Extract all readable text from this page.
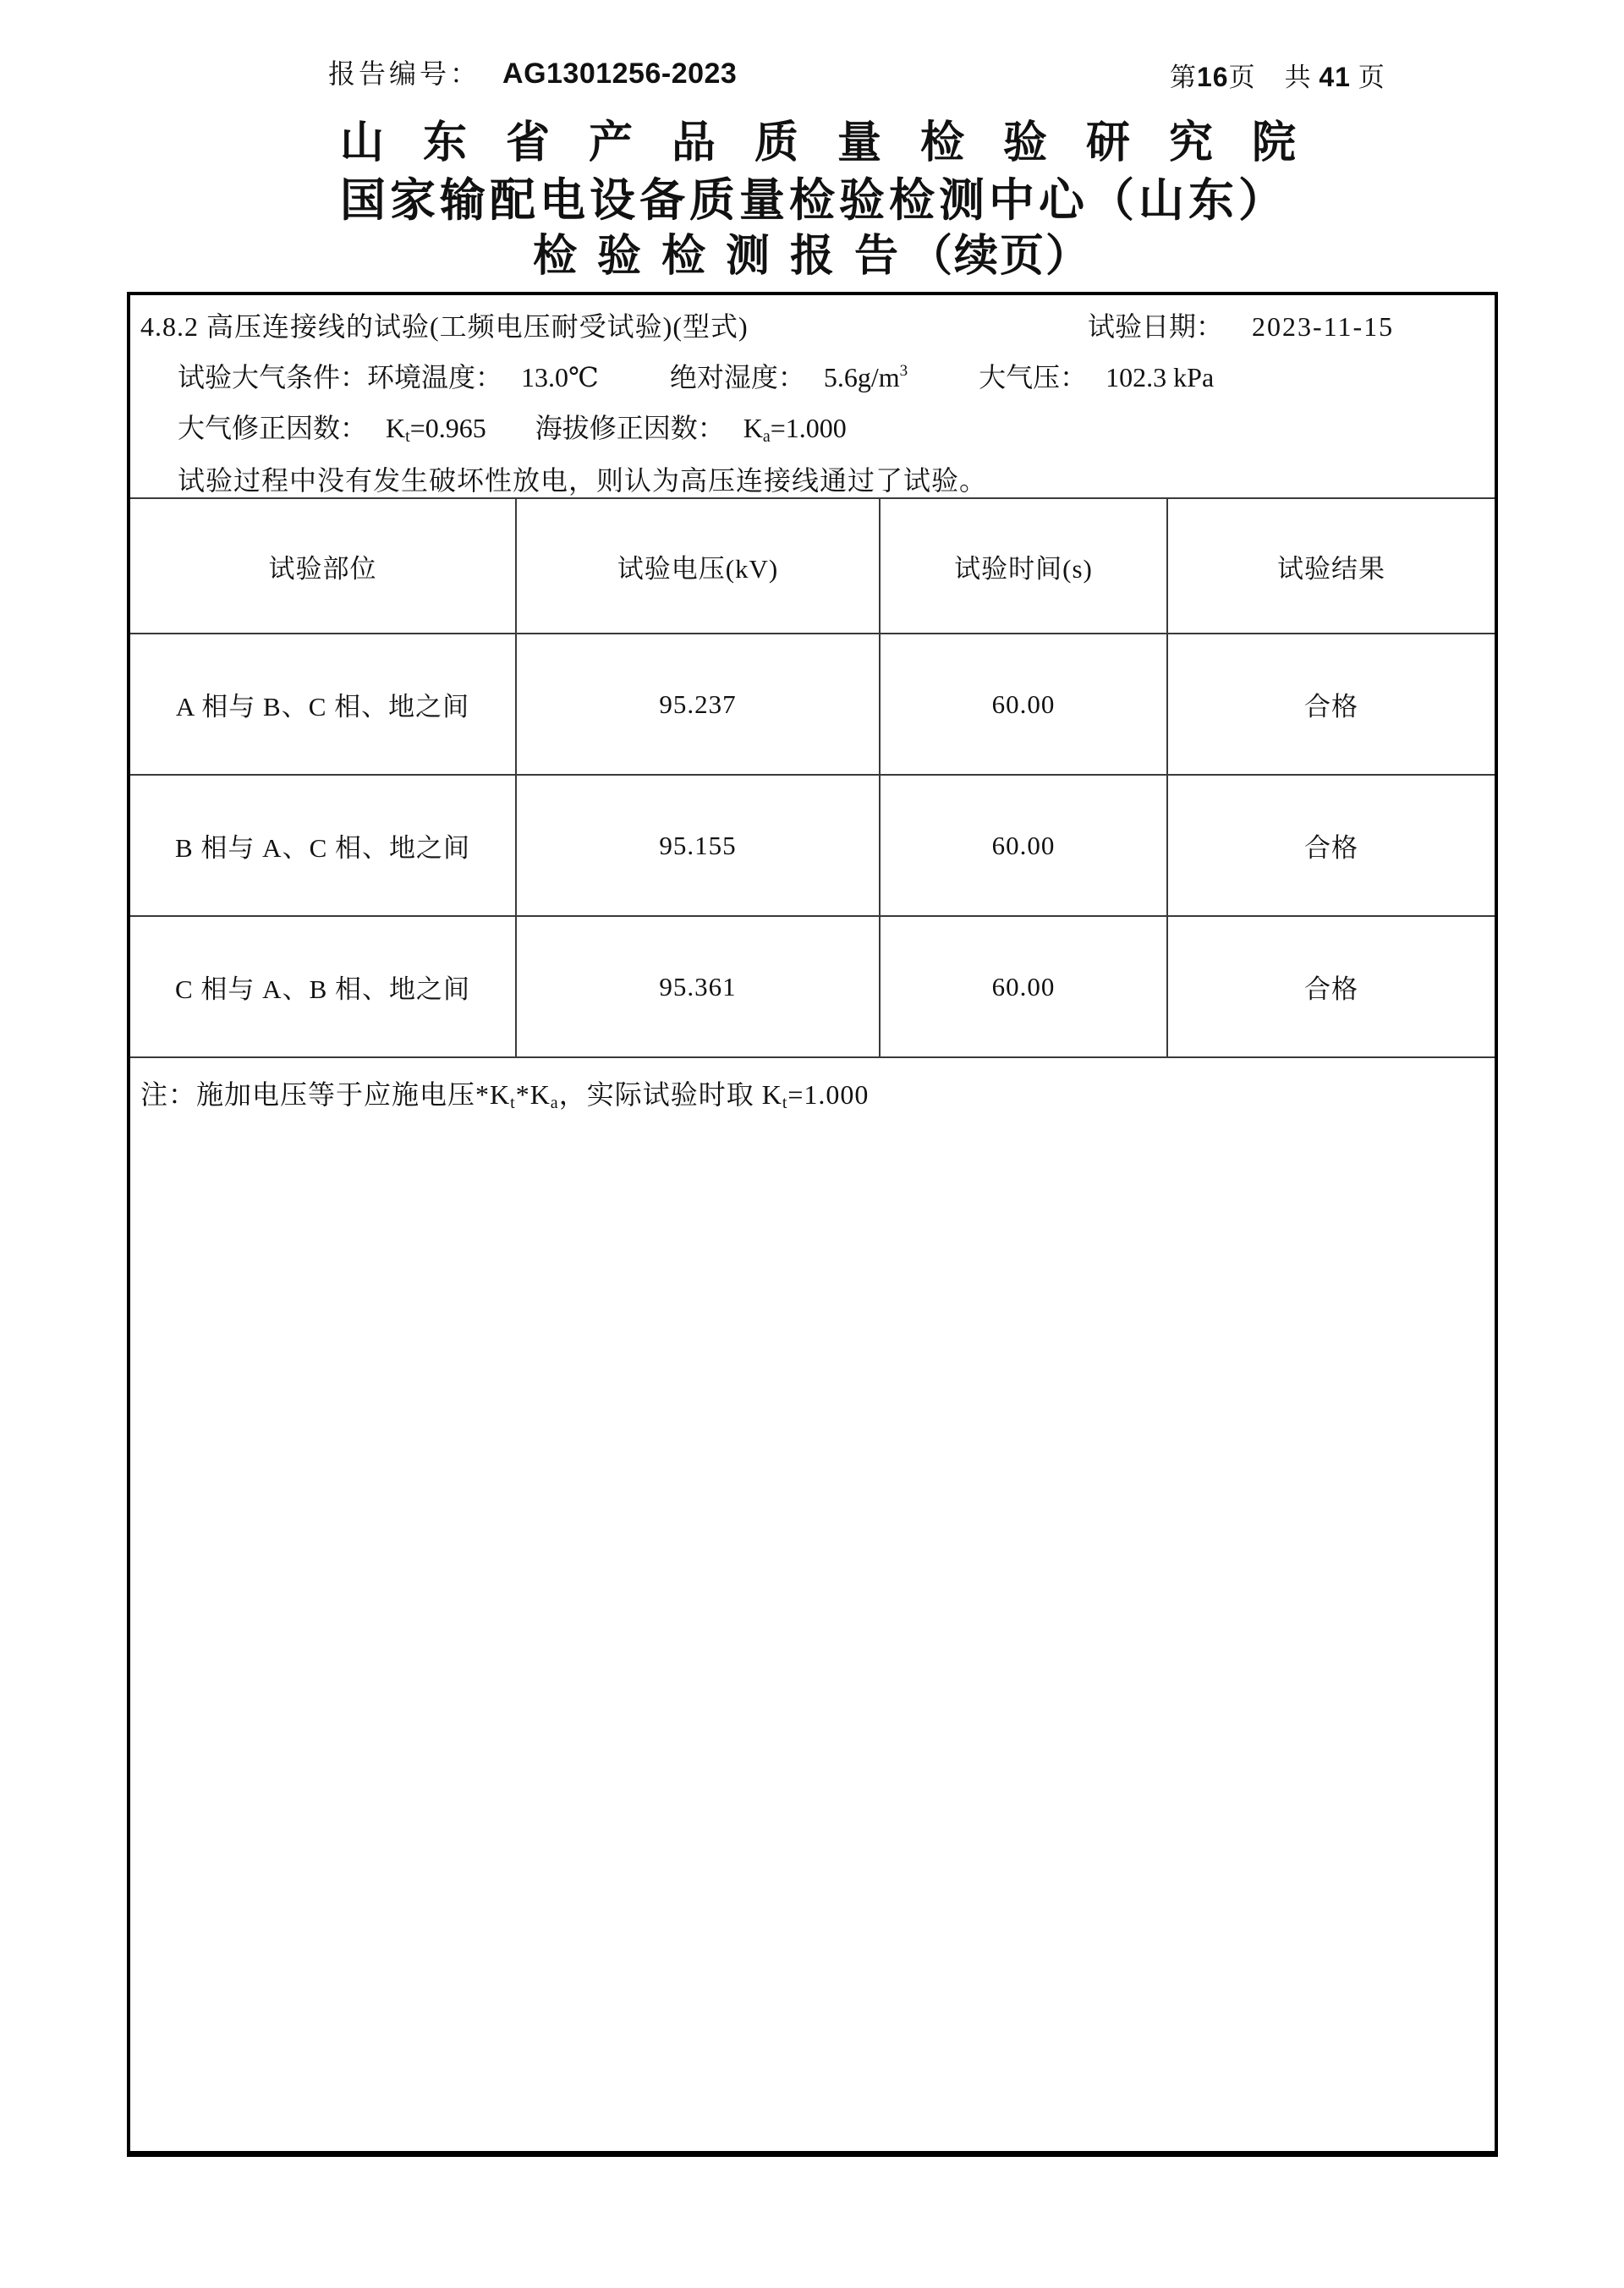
报告编号： AG1301256-2023	第16页 共 41 页
山东省产品质量检验研究院
国家输配电设备质量检验检测中心（山东）
检验检测报告（续页）
4.8.2 高压连接线的试验(工频电压耐受试验)(型式)	试验日期： 2023-11-15
试验大气条件：环境温度： 13.0℃	绝对湿度： $5.6g/m^3$	大气压： 102.3 kPa
大气修正因数： $K_t=0.965$ 海拔修正因数： $K_a=1.000$
试验过程中没有发生破坏性放电，则认为高压连接线通过了试验。
试验部位	试验电压(kV)	试验时间(s)	试验结果
A 相与 B、C 相、地之间	95.237	60.00	合格
B 相与 A、C 相、地之间	95.155	60.00	合格
C 相与 A、B 相、地之间	95.361	60.00	合格
注：施加电压等于应施电压$*K_t*K_a$，实际试验时取 $K_t=1.000$
